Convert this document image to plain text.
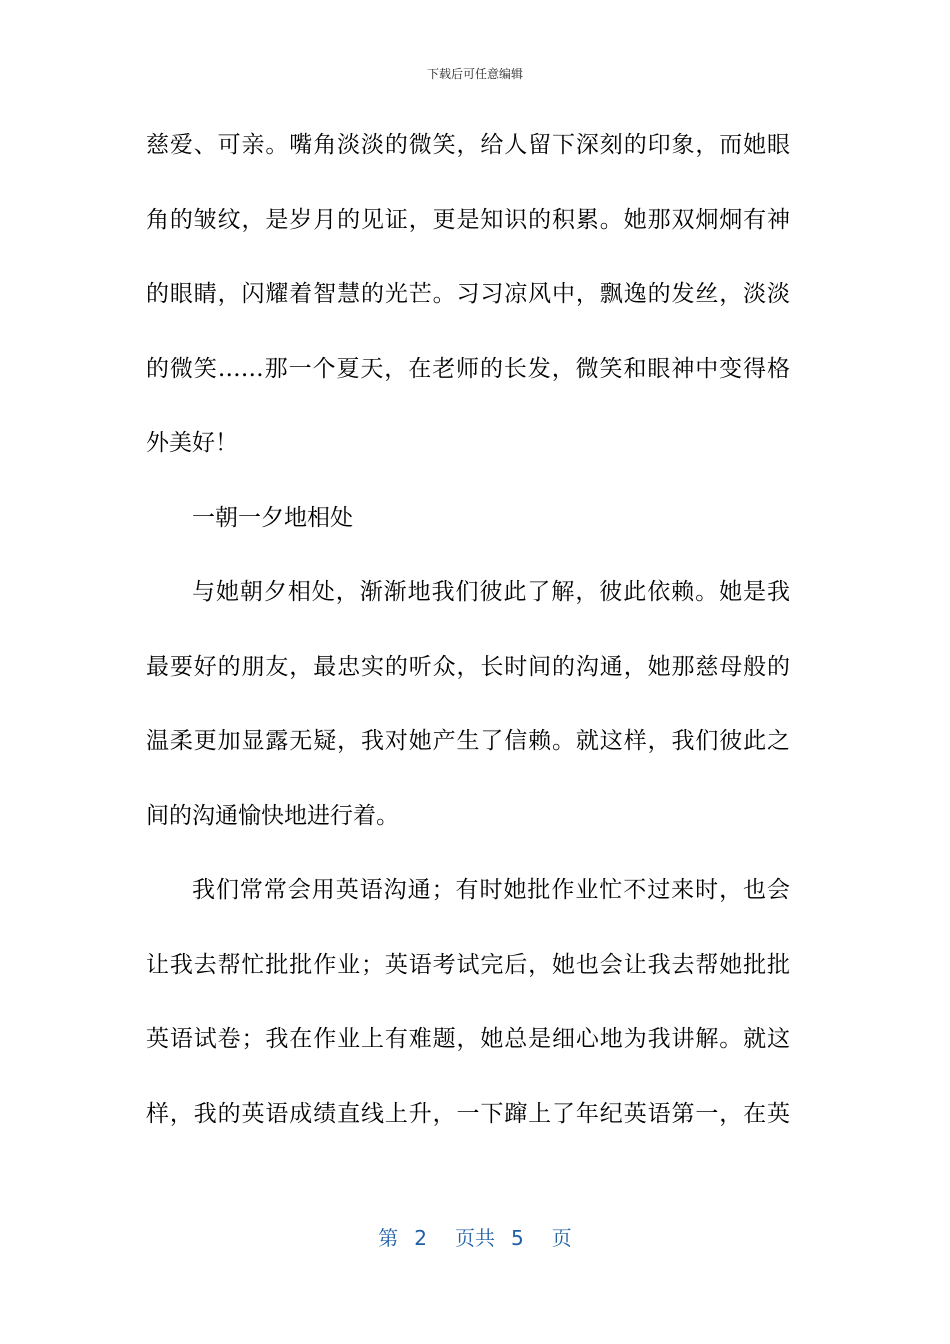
下载后可任意编辑
慈爱、可亲。嘴角淡淡的微笑，给人留下深刻的印象，而她眼
角的皱纹，是岁月的见证，更是知识的积累。她那双炯炯有神
的眼睛，闪耀着智慧的光芒。习习凉风中，飘逸的发丝，淡淡
的微笑……那一个夏天，在老师的长发，微笑和眼神中变得格
外美好！
一朝一夕地相处
与她朝夕相处，渐渐地我们彼此了解，彼此依赖。她是我
最要好的朋友，最忠实的听众，长时间的沟通，她那慈母般的
温柔更加显露无疑，我对她产生了信赖。就这样，我们彼此之
间的沟通愉快地进行着。
我们常常会用英语沟通；有时她批作业忙不过来时，也会
让我去帮忙批批作业；英语考试完后，她也会让我去帮她批批
英语试卷；我在作业上有难题，她总是细心地为我讲解。就这
样，我的英语成绩直线上升，一下蹿上了年纪英语第一，在英
第 2 页共 5 页
